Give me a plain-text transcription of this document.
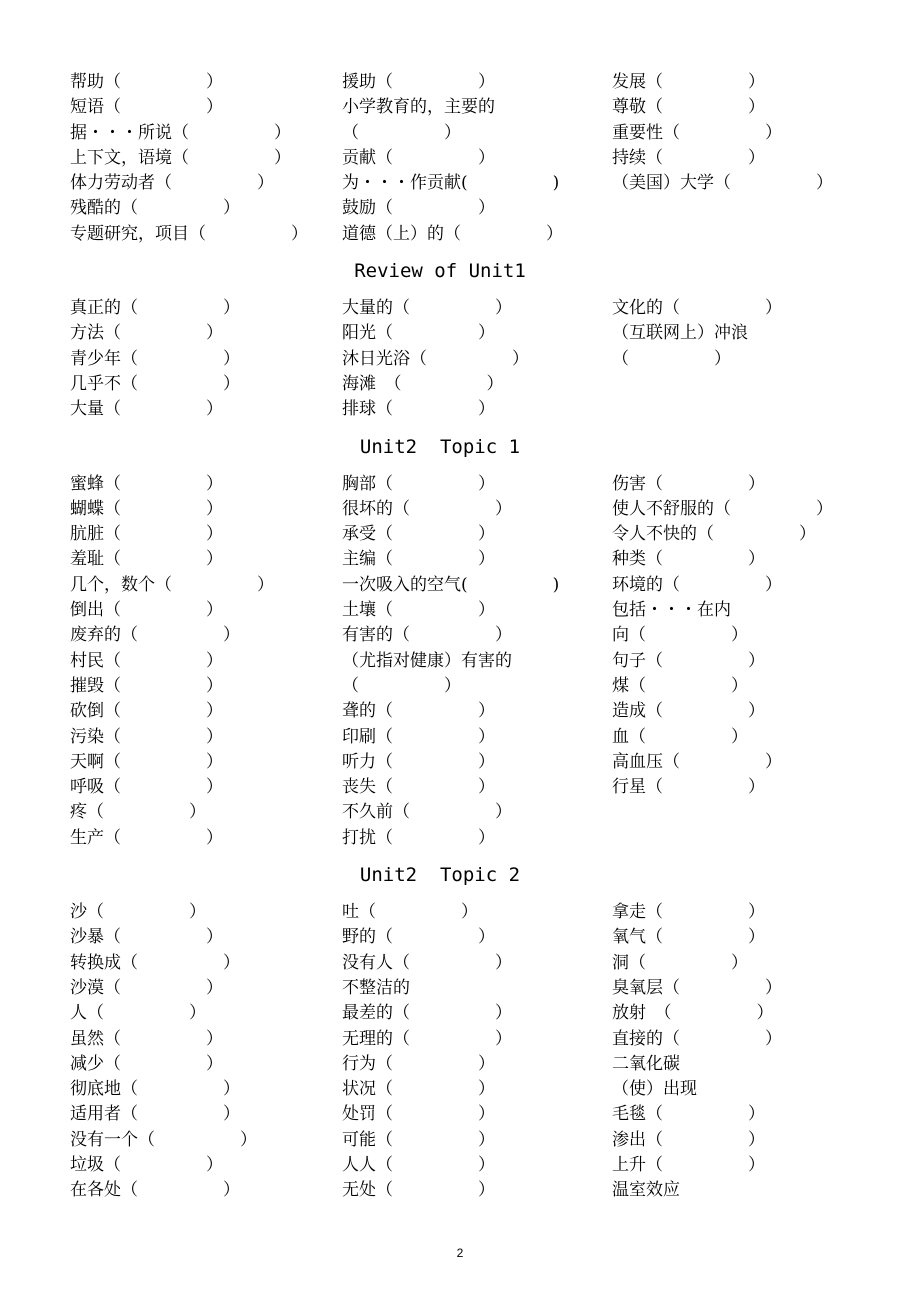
帮助（　　　　　）	援助（　　　　　）	发展（　　　　　）
短语（　　　　　）	小学教育的，主要的	尊敬（　　　　　）
据・・・所说（　　　　　）	（　　　　　）	重要性（　　　　　）
上下文，语境（　　　　　）	贡献（　　　　　）	持续（　　　　　）
体力劳动者（　　　　　）	为・・・作贡献(　　　　　)	（美国）大学（　　　　　）
残酷的（　　　　　）	鼓励（　　　　　）
专题研究，项目（　　　　　）	道德（上）的（　　　　　）
Review of Unit1
真正的（　　　　　）	大量的（　　　　　）	文化的（　　　　　）
方法（　　　　　）	阳光（　　　　　）	（互联网上）冲浪
青少年（　　　　　）	沐日光浴（　　　　　）	（　　　　　）
几乎不（　　　　　）	海滩　（　　　　　）
大量（　　　　　）	排球（　　　　　）
Unit2  Topic 1
蜜蜂（　　　　　）	胸部（　　　　　）	伤害（　　　　　）
蝴蝶（　　　　　）	很坏的（　　　　　）	使人不舒服的（　　　　　）
肮脏（　　　　　）	承受（　　　　　）	令人不快的（　　　　　）
羞耻（　　　　　）	主编（　　　　　）	种类（　　　　　）
几个，数个（　　　　　）	一次吸入的空气(　　　　　)	环境的（　　　　　）
倒出（　　　　　）	土壤（　　　　　）	包括・・・在内
废弃的（　　　　　）	有害的（　　　　　）	向（　　　　　）
村民（　　　　　）	（尤指对健康）有害的	句子（　　　　　）
摧毁（　　　　　）	（　　　　　）	煤（　　　　　）
砍倒（　　　　　）	聋的（　　　　　）	造成（　　　　　）
污染（　　　　　）	印刷（　　　　　）	血（　　　　　）
天啊（　　　　　）	听力（　　　　　）	高血压（　　　　　）
呼吸（　　　　　）	丧失（　　　　　）	行星（　　　　　）
疼（　　　　　）	不久前（　　　　　）
生产（　　　　　）	打扰（　　　　　）
Unit2  Topic 2
沙（　　　　　）	吐（　　　　　）	拿走（　　　　　）
沙暴（　　　　　）	野的（　　　　　）	氧气（　　　　　）
转换成（　　　　　）	没有人（　　　　　）	洞（　　　　　）
沙漠（　　　　　）	不整洁的	臭氧层（　　　　　）
人（　　　　　）	最差的（　　　　　）	放射　（　　　　　）
虽然（　　　　　）	无理的（　　　　　）	直接的（　　　　　）
减少（　　　　　）	行为（　　　　　）	二氧化碳
彻底地（　　　　　）	状况（　　　　　）	（使）出现
适用者（　　　　　）	处罚（　　　　　）	毛毯（　　　　　）
没有一个（　　　　　）	可能（　　　　　）	渗出（　　　　　）
垃圾（　　　　　）	人人（　　　　　）	上升（　　　　　）
在各处（　　　　　）	无处（　　　　　）	温室效应
2
